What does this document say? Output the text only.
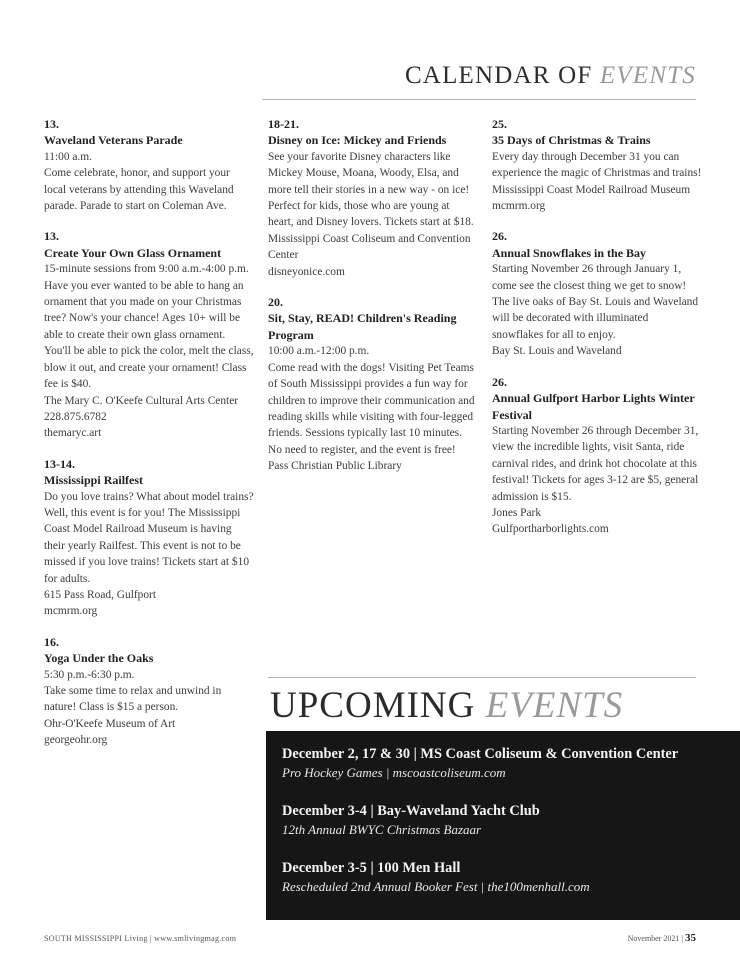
CALENDAR OF EVENTS
13.
Waveland Veterans Parade
11:00 a.m.
Come celebrate, honor, and support your local veterans by attending this Waveland parade. Parade to start on Coleman Ave.
13.
Create Your Own Glass Ornament
15-minute sessions from 9:00 a.m.-4:00 p.m.
Have you ever wanted to be able to hang an ornament that you made on your Christmas tree? Now's your chance! Ages 10+ will be able to create their own glass ornament. You'll be able to pick the color, melt the class, blow it out, and create your ornament! Class fee is $40.
The Mary C. O'Keefe Cultural Arts Center
228.875.6782
themaryc.art
13-14.
Mississippi Railfest
Do you love trains? What about model trains? Well, this event is for you! The Mississippi Coast Model Railroad Museum is having their yearly Railfest. This event is not to be missed if you love trains! Tickets start at $10 for adults.
615 Pass Road, Gulfport
mcmrm.org
16.
Yoga Under the Oaks
5:30 p.m.-6:30 p.m.
Take some time to relax and unwind in nature! Class is $15 a person.
Ohr-O'Keefe Museum of Art
georgeohr.org
18-21.
Disney on Ice: Mickey and Friends
See your favorite Disney characters like Mickey Mouse, Moana, Woody, Elsa, and more tell their stories in a new way - on ice! Perfect for kids, those who are young at heart, and Disney lovers. Tickets start at $18.
Mississippi Coast Coliseum and Convention Center
disneyonice.com
20.
Sit, Stay, READ! Children's Reading Program
10:00 a.m.-12:00 p.m.
Come read with the dogs! Visiting Pet Teams of South Mississippi provides a fun way for children to improve their communication and reading skills while visiting with four-legged friends. Sessions typically last 10 minutes. No need to register, and the event is free!
Pass Christian Public Library
25.
35 Days of Christmas & Trains
Every day through December 31 you can experience the magic of Christmas and trains!
Mississippi Coast Model Railroad Museum
mcmrm.org
26.
Annual Snowflakes in the Bay
Starting November 26 through January 1, come see the closest thing we get to snow! The live oaks of Bay St. Louis and Waveland will be decorated with illuminated snowflakes for all to enjoy.
Bay St. Louis and Waveland
26.
Annual Gulfport Harbor Lights Winter Festival
Starting November 26 through December 31, view the incredible lights, visit Santa, ride carnival rides, and drink hot chocolate at this festival! Tickets for ages 3-12 are $5, general admission is $15.
Jones Park
Gulfportharborlights.com
UPCOMING EVENTS
December 2, 17 & 30 | MS Coast Coliseum & Convention Center
Pro Hockey Games | mscoastcoliseum.com
December 3-4 | Bay-Waveland Yacht Club
12th Annual BWYC Christmas Bazaar
December 3-5 | 100 Men Hall
Rescheduled 2nd Annual Booker Fest | the100menhall.com
SOUTH MISSISSIPPI Living | www.smlivingmag.com	November 2021 | 35
